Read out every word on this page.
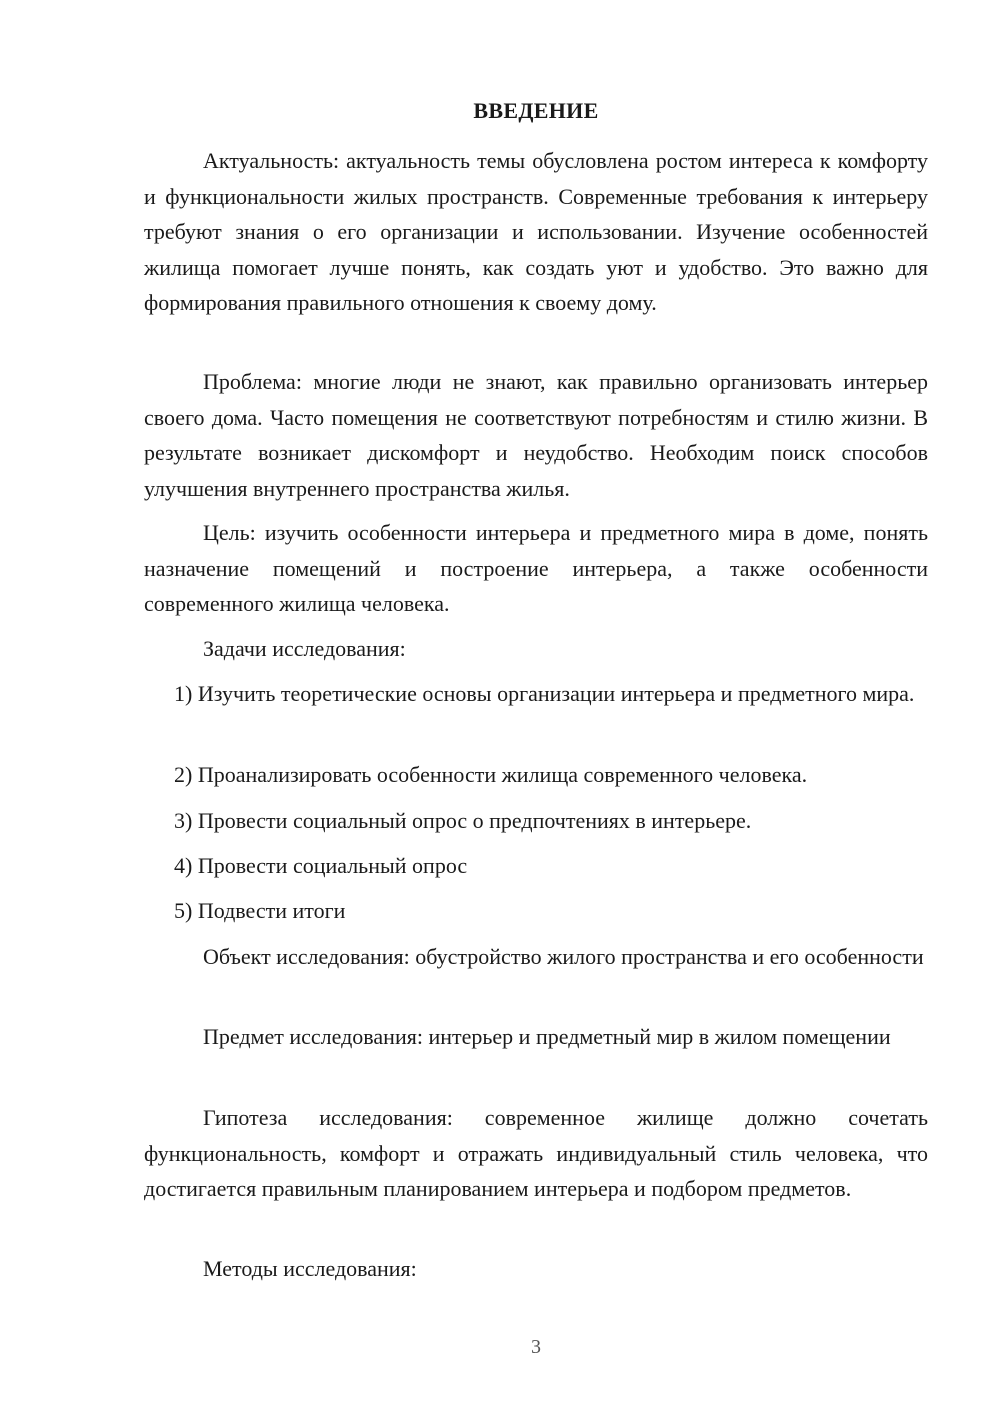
ВВЕДЕНИЕ

Актуальность: актуальность темы обусловлена ростом интереса к комфорту и функциональности жилых пространств. Современные требования к интерьеру требуют знания о его организации и использовании. Изучение особенностей жилища помогает лучше понять, как создать уют и удобство. Это важно для формирования правильного отношения к своему дому.

Проблема: многие люди не знают, как правильно организовать интерьер своего дома. Часто помещения не соответствуют потребностям и стилю жизни. В результате возникает дискомфорт и неудобство. Необходим поиск способов улучшения внутреннего пространства жилья.

Цель: изучить особенности интерьера и предметного мира в доме, понять назначение помещений и построение интерьера, а также особенности современного жилища человека.

Задачи исследования:

1) Изучить теоретические основы организации интерьера и предметного мира.

2) Проанализировать особенности жилища современного человека.

3) Провести социальный опрос о предпочтениях в интерьере.

4) Провести социальный опрос

5) Подвести итоги

Объект исследования: обустройство жилого пространства и его особенности

Предмет исследования: интерьер и предметный мир в жилом помещении

Гипотеза исследования: современное жилище должно сочетать функциональность, комфорт и отражать индивидуальный стиль человека, что достигается правильным планированием интерьера и подбором предметов.

Методы исследования:

3
